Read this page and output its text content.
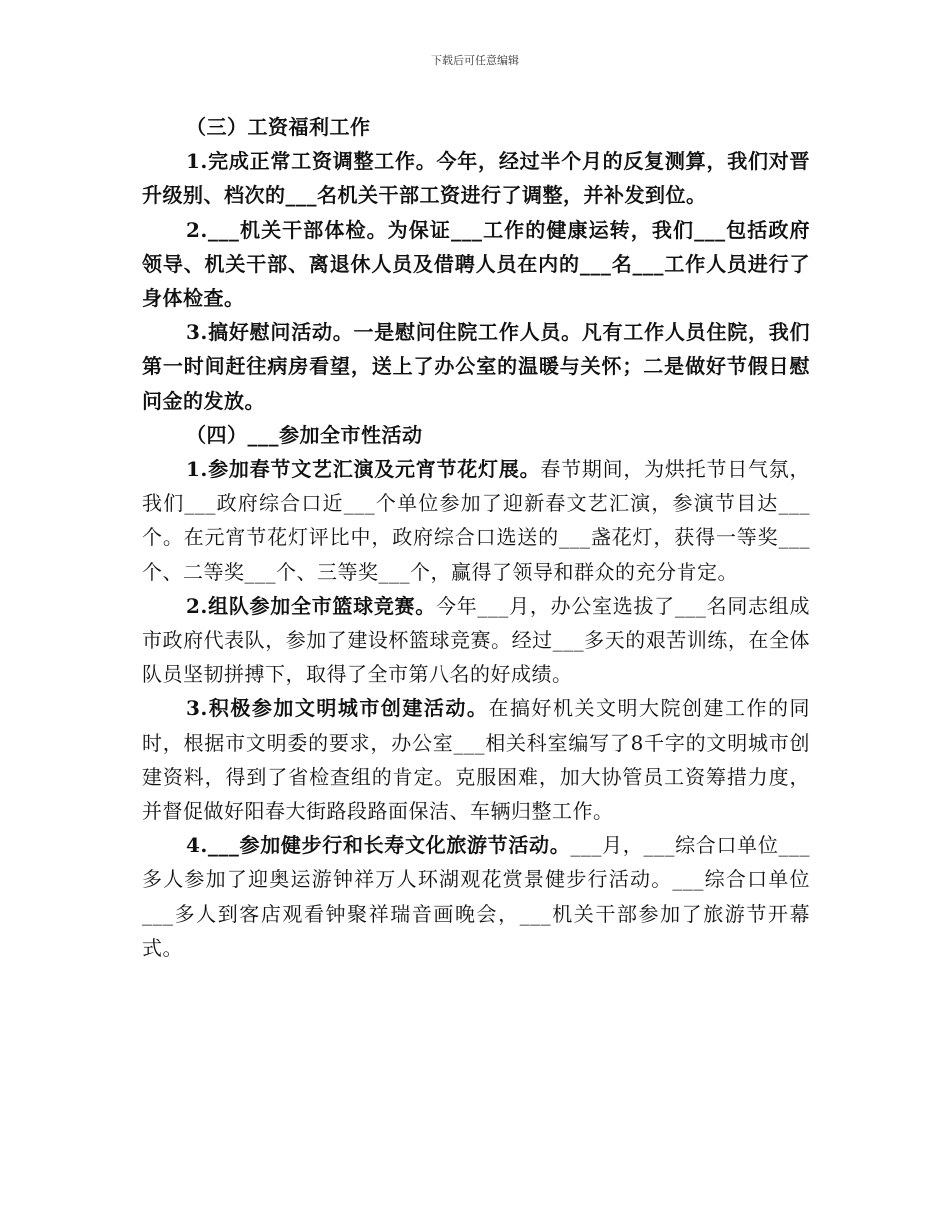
下载后可任意编辑

（三）工资福利工作

1.完成正常工资调整工作。今年，经过半个月的反复测算，我们对晋升级别、档次的___名机关干部工资进行了调整，并补发到位。

2.___机关干部体检。为保证___工作的健康运转，我们___包括政府领导、机关干部、离退休人员及借聘人员在内的___名___工作人员进行了身体检查。

3.搞好慰问活动。一是慰问住院工作人员。凡有工作人员住院，我们第一时间赶往病房看望，送上了办公室的温暖与关怀；二是做好节假日慰问金的发放。

（四）___参加全市性活动

1.参加春节文艺汇演及元宵节花灯展。春节期间，为烘托节日气氛，我们___政府综合口近___个单位参加了迎新春文艺汇演，参演节目达___个。在元宵节花灯评比中，政府综合口选送的___盏花灯，获得一等奖___个、二等奖___个、三等奖___个，赢得了领导和群众的充分肯定。

2.组队参加全市篮球竞赛。今年___月，办公室选拔了___名同志组成市政府代表队，参加了建设杯篮球竞赛。经过___多天的艰苦训练，在全体队员坚韧拼搏下，取得了全市第八名的好成绩。

3.积极参加文明城市创建活动。在搞好机关文明大院创建工作的同时，根据市文明委的要求，办公室___相关科室编写了8千字的文明城市创建资料，得到了省检查组的肯定。克服困难，加大协管员工资筹措力度，并督促做好阳春大街路段路面保洁、车辆归整工作。

4.___参加健步行和长寿文化旅游节活动。___月，___综合口单位___多人参加了迎奥运游钟祥万人环湖观花赏景健步行活动。___综合口单位___多人到客店观看钟聚祥瑞音画晚会，___机关干部参加了旅游节开幕式。
